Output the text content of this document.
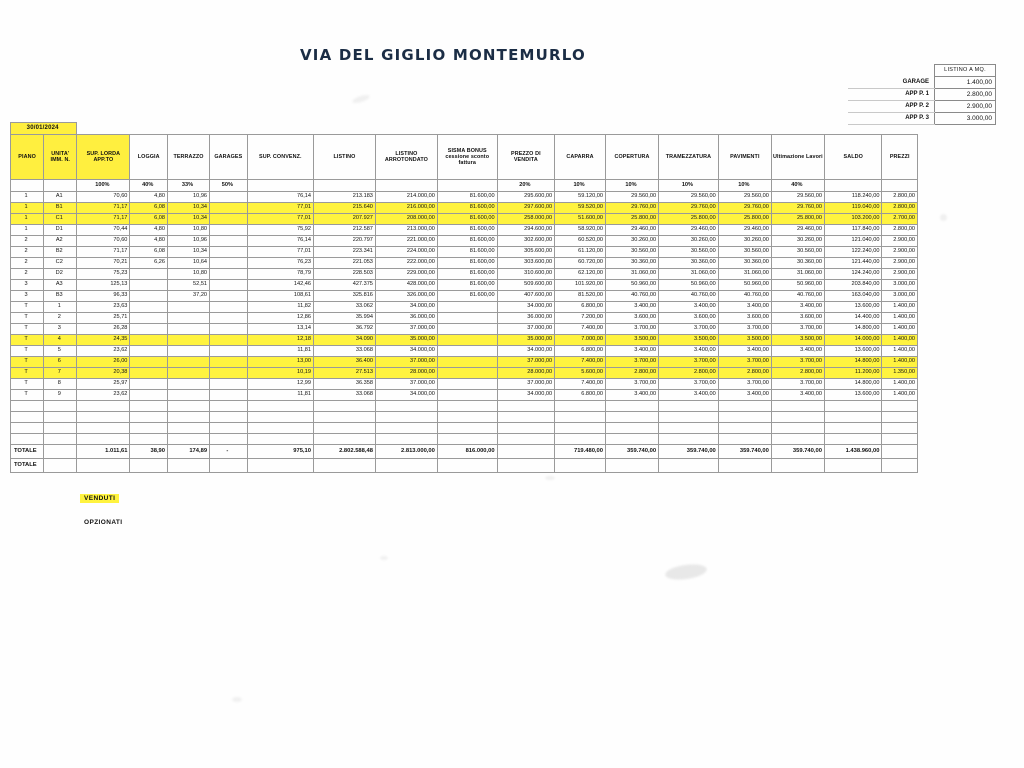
VIA DEL GIGLIO MONTEMURLO
	LISTINO A MQ.
GARAGE	1.400,00
APP P. 1	2.800,00
APP P. 2	2.900,00
APP P. 3	3.000,00
30/01/2024																	
PIANO	UNITA' IMM. N.	SUP. LORDA APP.TO	LOGGIA	TERRAZZO	GARAGES	SUP. CONVENZ.	LISTINO	LISTINO ARROTONDATO	SISMA BONUS cessione sconto fattura	PREZZO DI VENDITA	CAPARRA	COPERTURA	TRAMEZZATURA	PAVIMENTI	Ultimazione Lavori	SALDO	PREZZI
		100%	40%	33%	50%					20%	10%	10%	10%	10%	40%		
1	A1	70,60	4,80	10,96		76,14	213.183	214.000,00	81.600,00	295.600,00	59.120,00	29.560,00	29.560,00	29.560,00	29.560,00	118.240,00	2.800,00
1	B1	71,17	6,08	10,34		77,01	215.640	216.000,00	81.600,00	297.600,00	59.520,00	29.760,00	29.760,00	29.760,00	29.760,00	119.040,00	2.800,00
1	C1	71,17	6,08	10,34		77,01	207.927	208.000,00	81.600,00	258.000,00	51.600,00	25.800,00	25.800,00	25.800,00	25.800,00	103.200,00	2.700,00
1	D1	70,44	4,80	10,80		75,92	212.587	213.000,00	81.600,00	294.600,00	58.920,00	29.460,00	29.460,00	29.460,00	29.460,00	117.840,00	2.800,00
2	A2	70,60	4,80	10,96		76,14	220.797	221.000,00	81.600,00	302.600,00	60.520,00	30.260,00	30.260,00	30.260,00	30.260,00	121.040,00	2.900,00
2	B2	71,17	6,08	10,34		77,01	223.341	224.000,00	81.600,00	305.600,00	61.120,00	30.560,00	30.560,00	30.560,00	30.560,00	122.240,00	2.900,00
2	C2	70,21	6,26	10,64		76,23	221.053	222.000,00	81.600,00	303.600,00	60.720,00	30.360,00	30.360,00	30.360,00	30.360,00	121.440,00	2.900,00
2	D2	75,23		10,80		78,79	228.503	229.000,00	81.600,00	310.600,00	62.120,00	31.060,00	31.060,00	31.060,00	31.060,00	124.240,00	2.900,00
3	A3	125,13		52,51		142,46	427.375	428.000,00	81.600,00	509.600,00	101.920,00	50.960,00	50.960,00	50.960,00	50.960,00	203.840,00	3.000,00
3	B3	96,33		37,20		108,61	325.816	326.000,00	81.600,00	407.600,00	81.520,00	40.760,00	40.760,00	40.760,00	40.760,00	163.040,00	3.000,00
T	1	23,63				11,82	33.062	34.000,00		34.000,00	6.800,00	3.400,00	3.400,00	3.400,00	3.400,00	13.600,00	1.400,00
T	2	25,71				12,86	35.994	36.000,00		36.000,00	7.200,00	3.600,00	3.600,00	3.600,00	3.600,00	14.400,00	1.400,00
T	3	26,28				13,14	36.792	37.000,00		37.000,00	7.400,00	3.700,00	3.700,00	3.700,00	3.700,00	14.800,00	1.400,00
T	4	24,35				12,18	34.090	35.000,00		35.000,00	7.000,00	3.500,00	3.500,00	3.500,00	3.500,00	14.000,00	1.400,00
T	5	23,62				11,81	33.068	34.000,00		34.000,00	6.800,00	3.400,00	3.400,00	3.400,00	3.400,00	13.600,00	1.400,00
T	6	26,00				13,00	36.400	37.000,00		37.000,00	7.400,00	3.700,00	3.700,00	3.700,00	3.700,00	14.800,00	1.400,00
T	7	20,38				10,19	27.513	28.000,00		28.000,00	5.600,00	2.800,00	2.800,00	2.800,00	2.800,00	11.200,00	1.350,00
T	8	25,97				12,99	36.358	37.000,00		37.000,00	7.400,00	3.700,00	3.700,00	3.700,00	3.700,00	14.800,00	1.400,00
T	9	23,62				11,81	33.068	34.000,00		34.000,00	6.800,00	3.400,00	3.400,00	3.400,00	3.400,00	13.600,00	1.400,00

TOTALE		1.011,61	38,90	174,89	-	975,10	2.802.588,48	2.813.000,00	816.000,00		719.480,00	359.740,00	359.740,00	359.740,00	359.740,00	1.438.960,00	
TOTALE																	
VENDUTI
OPZIONATI
